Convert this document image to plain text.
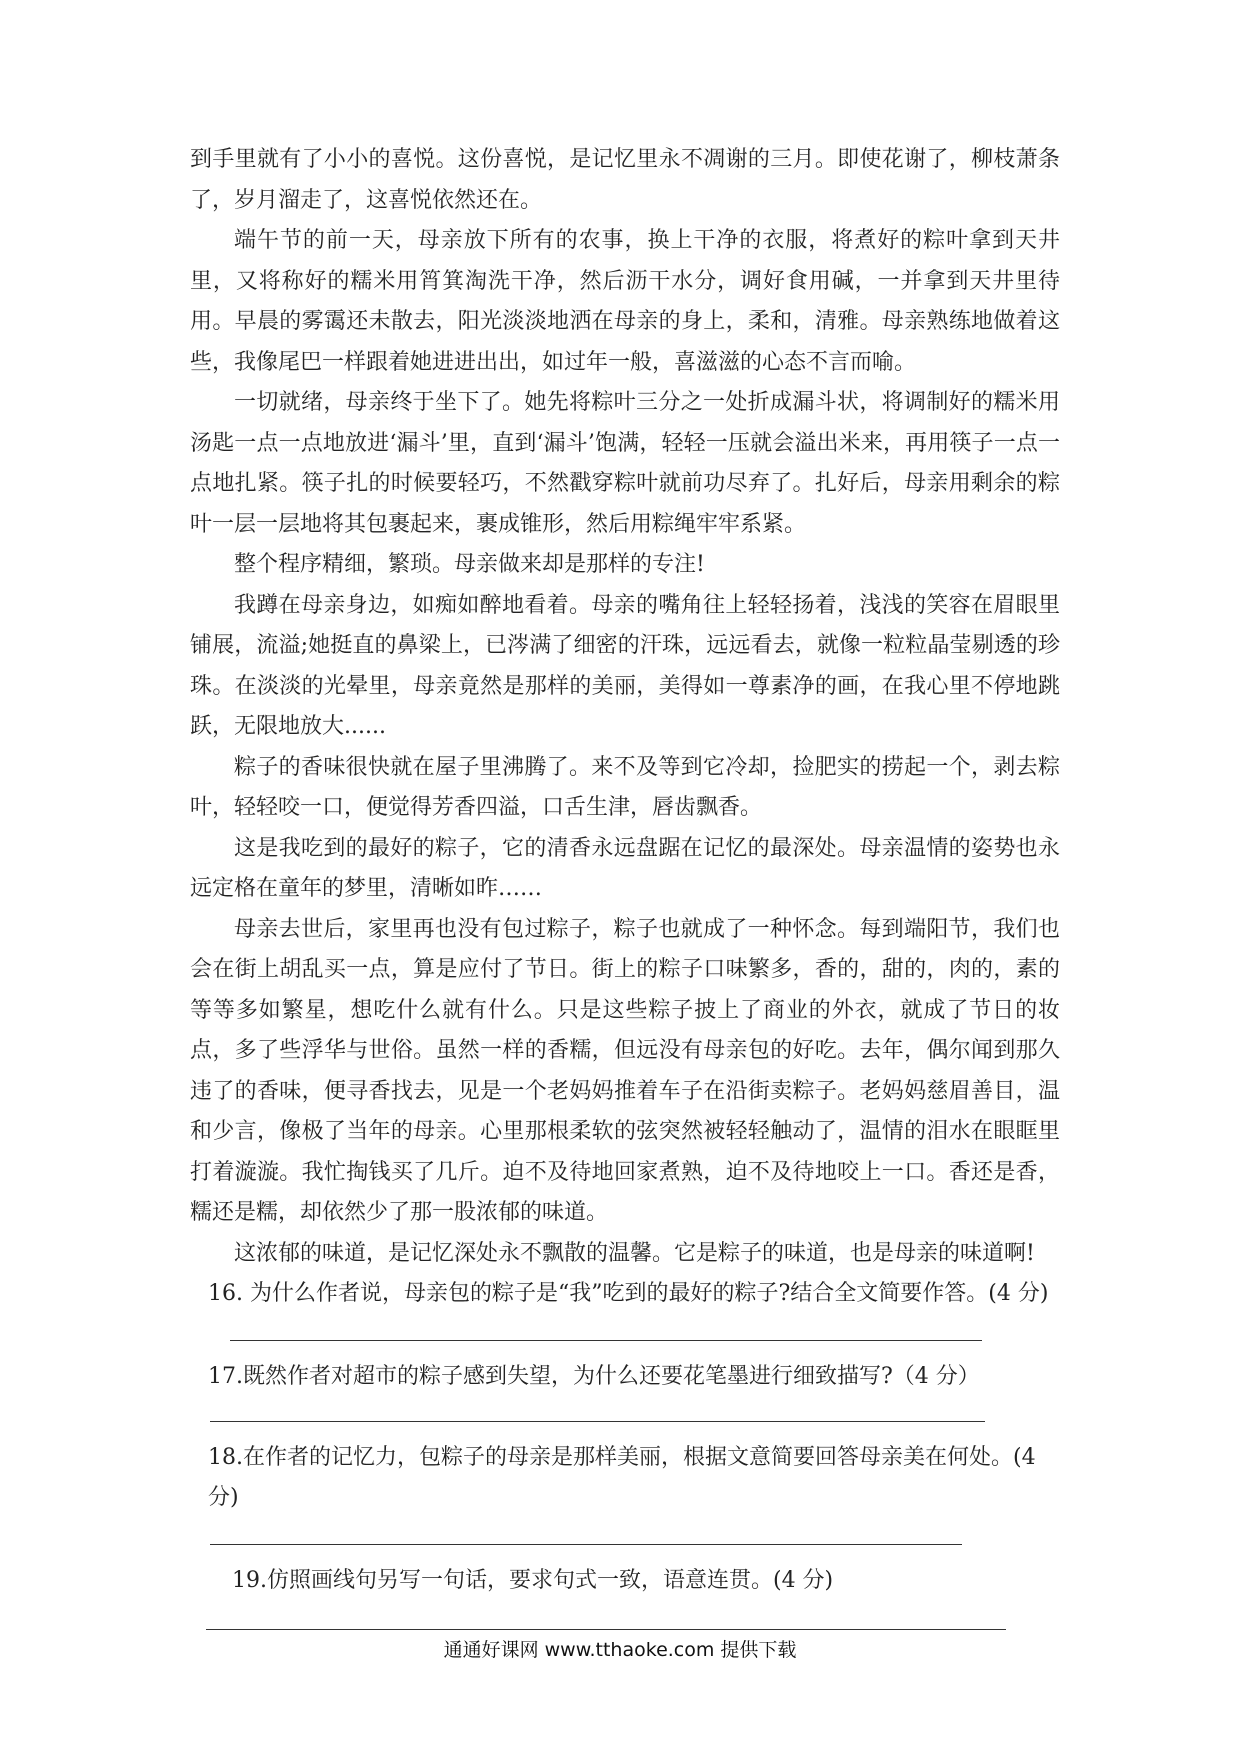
到手里就有了小小的喜悦。这份喜悦，是记忆里永不凋谢的三月。即使花谢了，柳枝萧条了，岁月溜走了，这喜悦依然还在。

端午节的前一天，母亲放下所有的农事，换上干净的衣服，将煮好的粽叶拿到天井里，又将称好的糯米用筲箕淘洗干净，然后沥干水分，调好食用碱，一并拿到天井里待用。早晨的雾霭还未散去，阳光淡淡地洒在母亲的身上，柔和，清雅。母亲熟练地做着这些，我像尾巴一样跟着她进进出出，如过年一般，喜滋滋的心态不言而喻。

一切就绪，母亲终于坐下了。她先将粽叶三分之一处折成漏斗状，将调制好的糯米用汤匙一点一点地放进‘漏斗’里，直到‘漏斗’饱满，轻轻一压就会溢出米来，再用筷子一点一点地扎紧。筷子扎的时候要轻巧，不然戳穿粽叶就前功尽弃了。扎好后，母亲用剩余的粽叶一层一层地将其包裹起来，裹成锥形，然后用粽绳牢牢系紧。

整个程序精细，繁琐。母亲做来却是那样的专注!

我蹲在母亲身边，如痴如醉地看着。母亲的嘴角往上轻轻扬着，浅浅的笑容在眉眼里铺展，流溢;她挺直的鼻梁上，已涔满了细密的汗珠，远远看去，就像一粒粒晶莹剔透的珍珠。在淡淡的光晕里，母亲竟然是那样的美丽，美得如一尊素净的画，在我心里不停地跳跃，无限地放大......

粽子的香味很快就在屋子里沸腾了。来不及等到它冷却，捡肥实的捞起一个，剥去粽叶，轻轻咬一口，便觉得芳香四溢，口舌生津，唇齿飘香。

这是我吃到的最好的粽子，它的清香永远盘踞在记忆的最深处。母亲温情的姿势也永远定格在童年的梦里，清晰如昨……

母亲去世后，家里再也没有包过粽子，粽子也就成了一种怀念。每到端阳节，我们也会在街上胡乱买一点，算是应付了节日。街上的粽子口味繁多，香的，甜的，肉的，素的等等多如繁星，想吃什么就有什么。只是这些粽子披上了商业的外衣，就成了节日的妆点，多了些浮华与世俗。虽然一样的香糯，但远没有母亲包的好吃。去年，偶尔闻到那久违了的香味，便寻香找去，见是一个老妈妈推着车子在沿街卖粽子。老妈妈慈眉善目，温和少言，像极了当年的母亲。心里那根柔软的弦突然被轻轻触动了，温情的泪水在眼眶里打着漩漩。我忙掏钱买了几斤。迫不及待地回家煮熟，迫不及待地咬上一口。香还是香，糯还是糯，却依然少了那一股浓郁的味道。

这浓郁的味道，是记忆深处永不飘散的温馨。它是粽子的味道，也是母亲的味道啊!

16. 为什么作者说，母亲包的粽子是“我”吃到的最好的粽子?结合全文简要作答。(4 分)

17.既然作者对超市的粽子感到失望，为什么还要花笔墨进行细致描写?（4 分）

18.在作者的记忆力，包粽子的母亲是那样美丽，根据文意简要回答母亲美在何处。(4 分)

19.仿照画线句另写一句话，要求句式一致，语意连贯。(4 分)

通通好课网 www.tthaoke.com 提供下载
